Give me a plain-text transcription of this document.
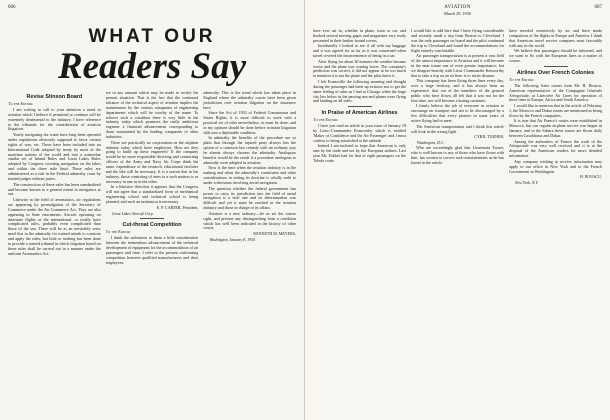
606
WHAT OUR
Readers Say
Revise Stinson Board

To the Editor:

I am writing to call to your attention a trend in aviation which I believe if permitted to continue will be extremely detrimental to the industry. I have reference to the tribunals for the consideration of aviation litigation.

Yearly navigating the water have long been operated under regulations obviously supposed to favor certain rights of way, etc. These have been included into an International Code adopted by treaty by most of the maritime nations of the world and into a somewhat similar set of Inland Rules and Great Lakes Rules adopted by Congress covering navigation on the lakes and within the three mile limit. These rules are administered as a rule in the Federal admiralty court by trained judges without juries.

The construction of these rules has been standardized and become known to a general extent to navigators at sea.

Likewise in the field of aeronautics, air regulations are appearing by promulgation of the Secretary of Commerce under the Air Commerce Act. They are also appearing in State enactments. Aircraft operating on interstate flights or the international, or totally have complicated rules, probably even complicated than those of the sea. There will be as an inevitably seen, need that in the admiralty for trained minds to construe and apply the rules; but little or nothing has been done to provide a trained tribunal in which litigation based on these rules shall be carried out in a manner under the uniform Aeronautics Act.

are in any amount which may be made to rectify the present situation. That is the fact that the continued advance of the technical aspect of aviation implies the maintenance by the various companies of engineering departments which will be worthy of the name. To achieve such a condition there is very little in the industry today which promises the really ambitious engineer a financial advancement corresponding to those maintained by the leading companies of other industries.

There are practically no corporations in the airplane industry today which have employees. How are they going to build up these engineers? If the company would be no more responsible directing and contracting officers of the Army and Navy Air Corps think the same, expenditure of the research, educational facilities and the like will be necessary. It is a notion that in the industry, those consisting of rates to a such matters is as necessary in one as in the other.

In a likewise direction it appears that the Congress will not agree that a standardized form of mechanical engineering school and technical school is being planned, and such an institution is necessary.

E. P. CARTER, President,

Great Lakes Aircraft Corp.

Cut-throat Competition

To the Editor:

I think the unfairness to them a little consideration between the tremendous advancement of the technical development of equipment for the accommodation of air passengers and time. I refer to the present confronting competition between qualified manufacturers and their employees.

admiralty. This is the trend which has taken place in England where the admiralty courts have been given jurisdiction over aviation litigation on the insurance here.

Since the Act of 1933 of Federal Commission and States Rights, it is more difficult to work with a practical set of rules nevertheless, or must be done, and in my opinion should be done before aviation litigation falls into a deplorable condition.

In admiralty the benefits of the procedure are so plain that through the injured party always has the option of a common law remedy with an ordinary jury he almost always chooses the admiralty. Analogous benefits would be the result if a procedure analogous to admiralty were adopted in aviation.

Now is the time when the aviation industry is in the making and when the admiralty's constituent and other considerations in setting its doctrine is wholly unfit to under a decisions involving aerial navigation.

The question whether the federal government has power to carry its jurisdiction into the field of aerial navigation is a vital one and its determination was difficult and yet it must be reached in the aviation industry and those in charge of its affairs.

Aviation is a new industry—let us set the course right, and prevent any distinguishing from a condition which has well been indicated in the history of other courts.

KENNETH M. MEYERS,

Washington, January 8, 1930

AVIATION
March 29, 1930
607

have ever sat in, whether in plane, train or car, and hooked several moving gages and magazines very ready presented in their leather bound covers.

Incidentally I looked to see if all with my baggage and it was agreed for as far as it was concerned when travel covered the inconvenience of being in a car.

After flying for about 30 minutes the weather became worse and the plane was coming lower. The company's prediction was correct, it did not appear to be too much to mention it is not the plane and the pilot knew it.

I left Evansville the following morning and thought during the passenger had been up aviators not to get the same feeling of calm as I had at Chicago when the large city lies below in the passing sun and planes were flying and landing on all sides.

In Praise of American Airlines

To the Editor:

I have just read an article in your issue of January 18 by Lieut.-Commander Kenworthy which is entitled 'Maker of Confidence and the Air Passenger' and I must confess to being astonished at the attitude.

Indeed I am inclined to hope that American is only sent by the trade and not by the European airlines. Last year Mr. Fokker had for that of eight passengers on the Toledo route.

I would like to add here that I have flying considerable and recently made a trip from Boston to Cleveland. I was the only passenger on board and the pilot continued the trip to Cleveland and found the accommodations for flight entirely comfortable.

Air passenger transportation is at present a vast field of the utmost importance to Aviation and it will become in the near future one of even greater importance; but we disagree heartily with Lieut.-Commander Kenworthy that to take a trip on an air liner is to invite disaster.

This company has been flying three lines every day, over a large territory, and it has always been an experience, that out of the members of the general public who have flown, all felt that it was not for the first time, nor will become a lasting customer.

I firmly believe the job of everyone in aviation to encourage air transport and not to be discouraged by a few difficulties that every pioneer in some years of active flying had to meet.

The American transportation and I think this article will look in the wrong light.

CYRIL TURNER,

Washington, D.C.

Who are exceedingly glad that Lieutenant Turner, who is well known to any of those who have flown with him, has written to correct such misstatements as he has found in the article.

have traveled extensively by air and have made comparison of the flights in Europe and America. I think that American travel service compares most favorably with any in the world.

We believe that passengers should be informed, and we want to fly with the European lines as a matter of course.

Airlines Over French Colonies

To the Editor:

The following letter comes from Mr. H. Bouscu, American representative of the Compagnie Générale Aéropostale, at Latécoère Air Lines for operation of these lines in Europe, Africa and South America.

I would like to mention that in the article of February 1, the Morocco and Dakar routes are mentioned as being flown by the French companies.

It is true that Air France's routes were established in Morocco, but our regular airplane service was begun in January, and in the Sahara these routes are flown daily between Casablanca and Dakar.

Among the authorities of France the work of the Aéropostale was very well received and it is at the disposal of the American readers for more detailed information.

Any company wishing to receive information may apply to our office in New York and to the French Government in Washington.

H. BOUSCU,

New York, N.Y.
